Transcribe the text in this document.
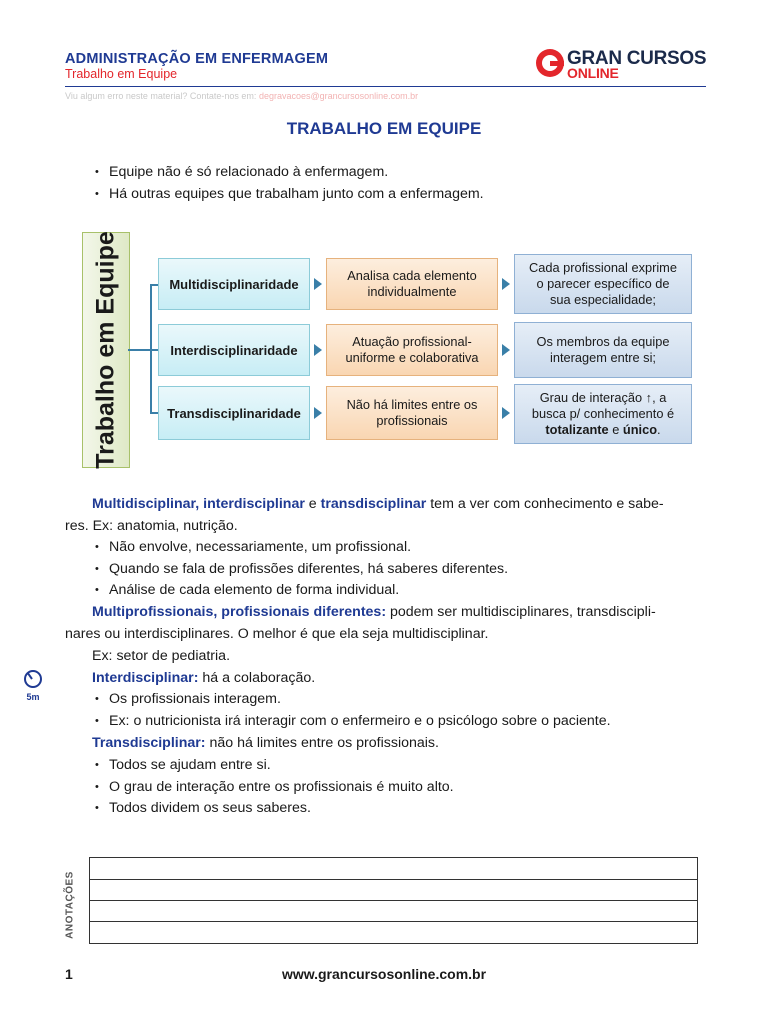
ADMINISTRAÇÃO EM ENFERMAGEM
Trabalho em Equipe
GRAN CURSOS
ONLINE
Viu algum erro neste material? Contate-nos em: degravacoes@grancursosonline.com.br
TRABALHO EM EQUIPE
• Equipe não é só relacionado à enfermagem.
• Há outras equipes que trabalham junto com a enfermagem.
Trabalho em Equipe	Multidisciplinaridade
Analisa cada elemento
individualmente
Cada profissional exprime
o parecer específico de
sua especialidade;
Interdisciplinaridade
Atuação profissional-
uniforme e colaborativa
Os membros da equipe
interagem entre si;
Transdisciplinaridade
Não há limites entre os
profissionais
Grau de interação ↑, a
busca p/ conhecimento é
totalizante e único.
Multidisciplinar, interdisciplinar e transdisciplinar tem a ver com conhecimento e sabe-
res. Ex: anatomia, nutrição.
• Não envolve, necessariamente, um profissional.
• Quando se fala de profissões diferentes, há saberes diferentes.
• Análise de cada elemento de forma individual.
Multiprofissionais, profissionais diferentes: podem ser multidisciplinares, transdiscipli-
nares ou interdisciplinares. O melhor é que ela seja multidisciplinar.
Ex: setor de pediatria.
Interdisciplinar: há a colaboração.
• Os profissionais interagem.
• Ex: o nutricionista irá interagir com o enfermeiro e o psicólogo sobre o paciente.
Transdisciplinar: não há limites entre os profissionais.
• Todos se ajudam entre si.
• O grau de interação entre os profissionais é muito alto.
• Todos dividem os seus saberes.
5m
ANOTAÇÕES
1	www.grancursosonline.com.br
